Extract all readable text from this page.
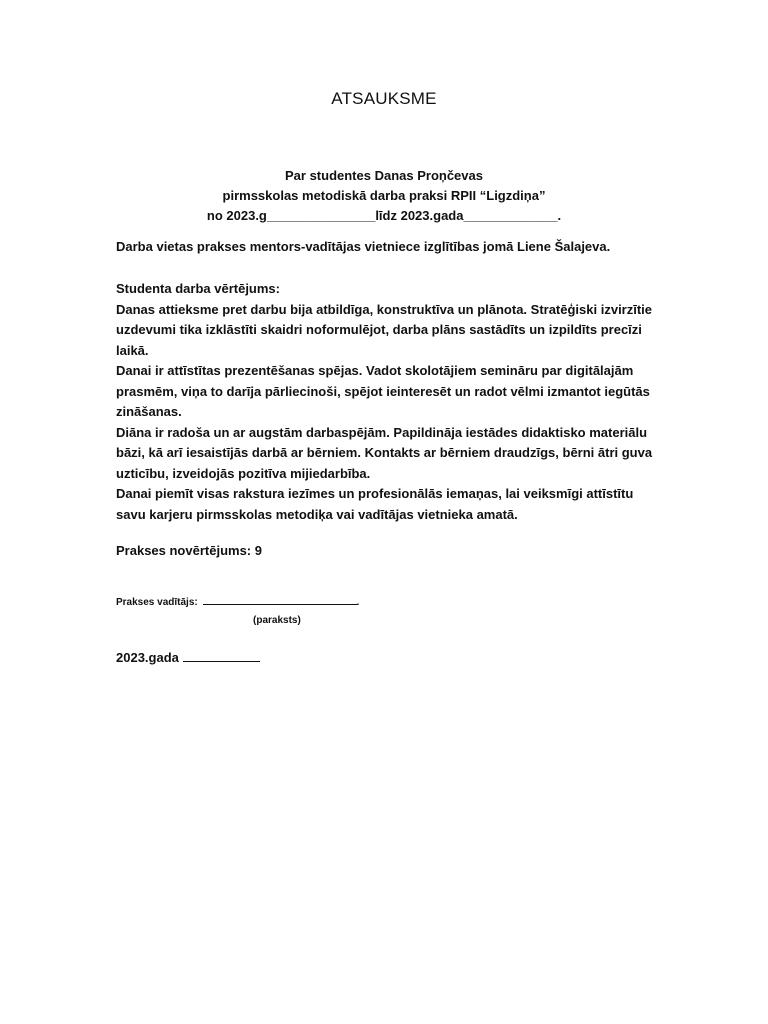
ATSAUKSME
Par studentes Danas Proņčevas
pirmsskolas metodiskā darba praksi RPII “Ligzdiņa”
no 2023.g_______________līdz 2023.gada_____________.
Darba vietas prakses mentors-vadītājas vietniece izglītības jomā Liene Šalajeva.

Studenta darba vērtējums:

Danas attieksme pret darbu bija atbildīga, konstruktīva un plānota. Stratēģiski izvirzītie uzdevumi tika izklāstīti skaidri noformulējot, darba plāns sastādīts un izpildīts precīzi laikā.

Danai ir attīstītas prezentēšanas spējas. Vadot skolotājiem semināru par digitālajām prasmēm, viņa to darīja pārliecinoši, spējot ieinteresēt un radot vēlmi izmantot iegūtās zināšanas.

Diāna ir radoša un ar augstām darbaspējām. Papildināja iestādes didaktisko materiālu bāzi, kā arī iesaistījās darbā ar bērniem. Kontakts ar bērniem draudzīgs, bērni ātri guva uzticību, izveidojās pozitīva mijiedarbība.

Danai piemīt visas rakstura iezīmes un profesionālās iemaņas, lai veiksmīgi attīstītu savu karjeru pirmsskolas metodiķa vai vadītājas vietnieka amatā.

Prakses novērtējums: 9
Prakses vadītājs:	.
(paraksts)
2023.gada
